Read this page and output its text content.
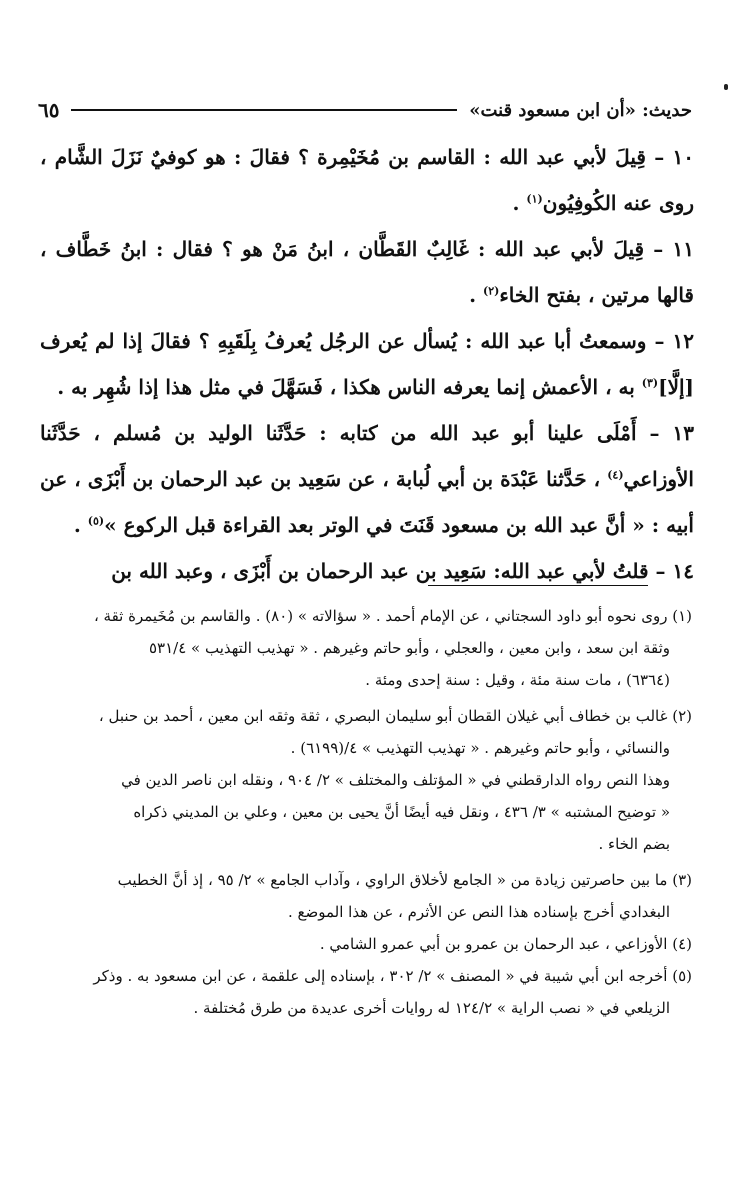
حديث: «أن ابن مسعود قنت»
٦٥

١٠ – قِيلَ لأبي عبد الله : القاسم بن مُخَيْمِرة ؟ فقالَ : هو كوفيٌ نَزَلَ الشَّام ، روى عنه الكُوفِيُون$^{(١)}$ .

١١ – قِيلَ لأبي عبد الله : غَالِبٌ القَطَّان ، ابنُ مَنْ هو ؟ فقال : ابنُ خَطَّاف ، قالها مرتين ، بفتح الخاء$^{(٢)}$ .

١٢ – وسمعتُ أبا عبد الله : يُسأل عن الرجُل يُعرفُ بِلَقَبِهِ ؟ فقالَ إذا لم يُعرف [إلَّا]$^{(٣)}$ به ، الأعمش إنما يعرفه الناس هكذا ، فَسَهَّلَ في مثل هذا إذا شُهِر به .

١٣ – أَمْلَى علينا أبو عبد الله من كتابه : حَدَّثَنا الوليد بن مُسلم ، حَدَّثَنا الأوزاعي$^{(٤)}$ ، حَدَّثنا عَبْدَة بن أبي لُبابة ، عن سَعِيد بن عبد الرحمان بن أَبْزَى ، عن أبيه : « أنَّ عبد الله بن مسعود قَنَتَ في الوتر بعد القراءة قبل الركوع »$^{(٥)}$ .

١٤ – قلتُ لأبي عبد الله: سَعِيد بن عبد الرحمان بن أَبْزَى ، وعبد الله بن

(١) روى نحوه أبو داود السجتاني ، عن الإمام أحمد . « سؤالاته » (٨٠) . والقاسم بن مُخَيمرة ثقة ،
وثقة ابن سعد ، وابن معين ، والعجلي ، وأبو حاتم وغيرهم . « تهذيب التهذيب » ٥٣١/٤
(٦٣٦٤) ، مات سنة مئة ، وقيل : سنة إحدى ومئة .

(٢) غالب بن خطاف أبي غيلان القطان أبو سليمان البصري ، ثقة وثقه ابن معين ، أحمد بن حنبل ،
والنسائي ، وأبو حاتم وغيرهم . « تهذيب التهذيب » ٤/(٦١٩٩) .
وهذا النص رواه الدارقطني في « المؤتلف والمختلف » ٢/ ٩٠٤ ، ونقله ابن ناصر الدين في
« توضيح المشتبه » ٣/ ٤٣٦ ، ونقل فيه أيضًا أنَّ يحيى بن معين ، وعلي بن المديني ذكراه
بضم الخاء .

(٣) ما بين حاصرتين زيادة من « الجامع لأخلاق الراوي ، وآداب الجامع » ٢/ ٩٥ ، إذ أنَّ الخطيب
البغدادي أخرج بإسناده هذا النص عن الأثرم ، عن هذا الموضع .

(٤) الأوزاعي ، عبد الرحمان بن عمرو بن أبي عمرو الشامي .

(٥) أخرجه ابن أبي شيبة في « المصنف » ٢/ ٣٠٢ ، بإسناده إلى علقمة ، عن ابن مسعود به . وذكر
الزيلعي في « نصب الراية » ١٢٤/٢ له روايات أخرى عديدة من طرق مُختلفة .
